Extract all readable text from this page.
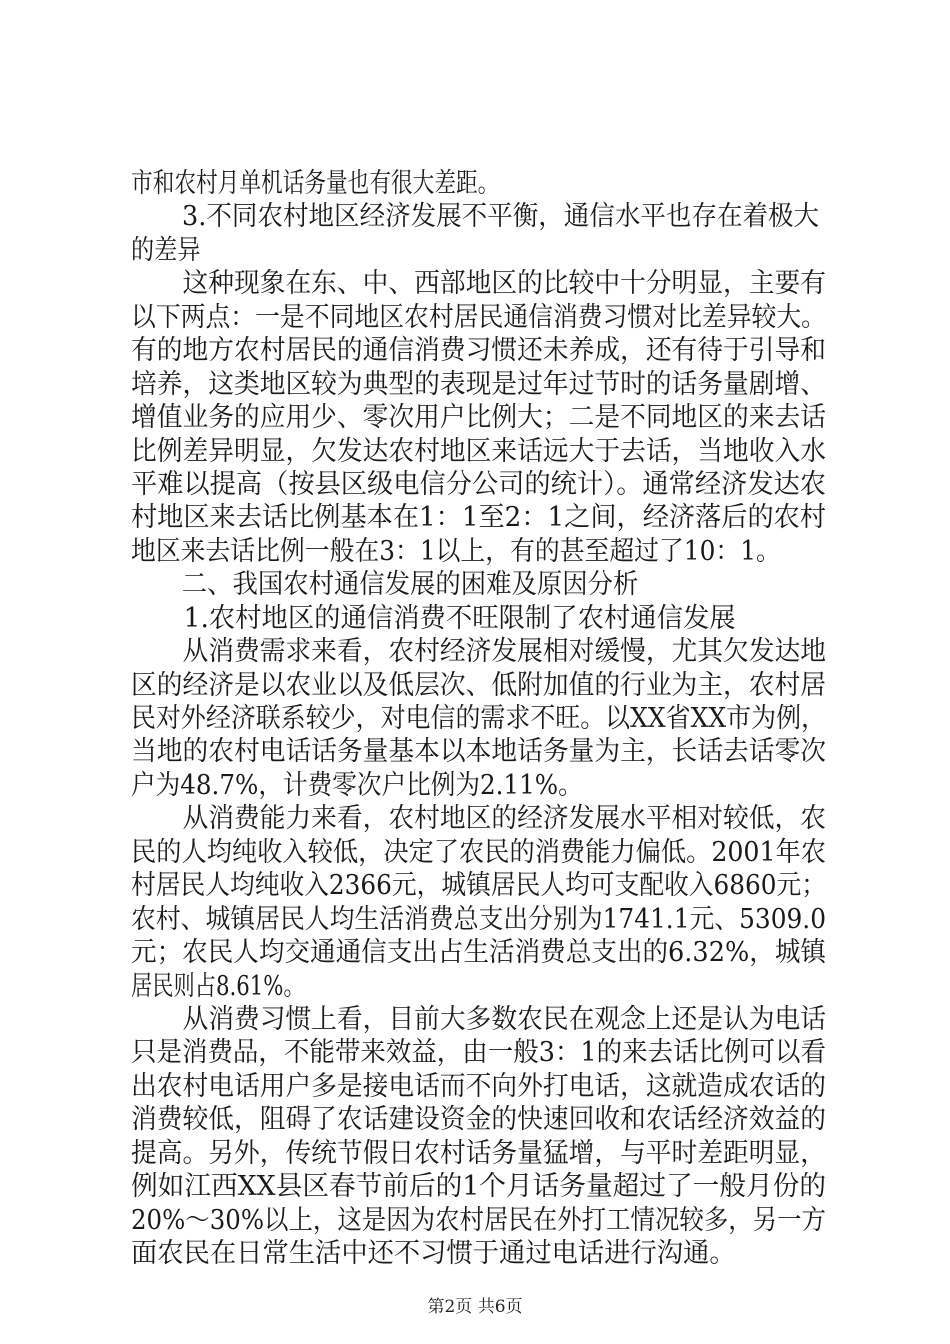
市和农村月单机话务量也有很大差距。
　　3.不同农村地区经济发展不平衡，通信水平也存在着极大
的差异
　　这种现象在东、中、西部地区的比较中十分明显，主要有
以下两点：一是不同地区农村居民通信消费习惯对比差异较大。
有的地方农村居民的通信消费习惯还未养成，还有待于引导和
培养，这类地区较为典型的表现是过年过节时的话务量剧增、
增值业务的应用少、零次用户比例大；二是不同地区的来去话
比例差异明显，欠发达农村地区来话远大于去话，当地收入水
平难以提高（按县区级电信分公司的统计）。通常经济发达农
村地区来去话比例基本在1：1至2：1之间，经济落后的农村
地区来去话比例一般在3：1以上，有的甚至超过了10：1。
　　二、我国农村通信发展的困难及原因分析
　　1.农村地区的通信消费不旺限制了农村通信发展
　　从消费需求来看，农村经济发展相对缓慢，尤其欠发达地
区的经济是以农业以及低层次、低附加值的行业为主，农村居
民对外经济联系较少，对电信的需求不旺。以XX省XX市为例，
当地的农村电话话务量基本以本地话务量为主，长话去话零次
户为48.7%，计费零次户比例为2.11%。
　　从消费能力来看，农村地区的经济发展水平相对较低，农
民的人均纯收入较低，决定了农民的消费能力偏低。2001年农
村居民人均纯收入2366元，城镇居民人均可支配收入6860元；
农村、城镇居民人均生活消费总支出分别为1741.1元、5309.0
元；农民人均交通通信支出占生活消费总支出的6.32%，城镇
居民则占8.61%。
　　从消费习惯上看，目前大多数农民在观念上还是认为电话
只是消费品，不能带来效益，由一般3：1的来去话比例可以看
出农村电话用户多是接电话而不向外打电话，这就造成农话的
消费较低，阻碍了农话建设资金的快速回收和农话经济效益的
提高。另外，传统节假日农村话务量猛增，与平时差距明显，
例如江西XX县区春节前后的1个月话务量超过了一般月份的
20%～30%以上，这是因为农村居民在外打工情况较多，另一方
面农民在日常生活中还不习惯于通过电话进行沟通。
第2页 共6页
